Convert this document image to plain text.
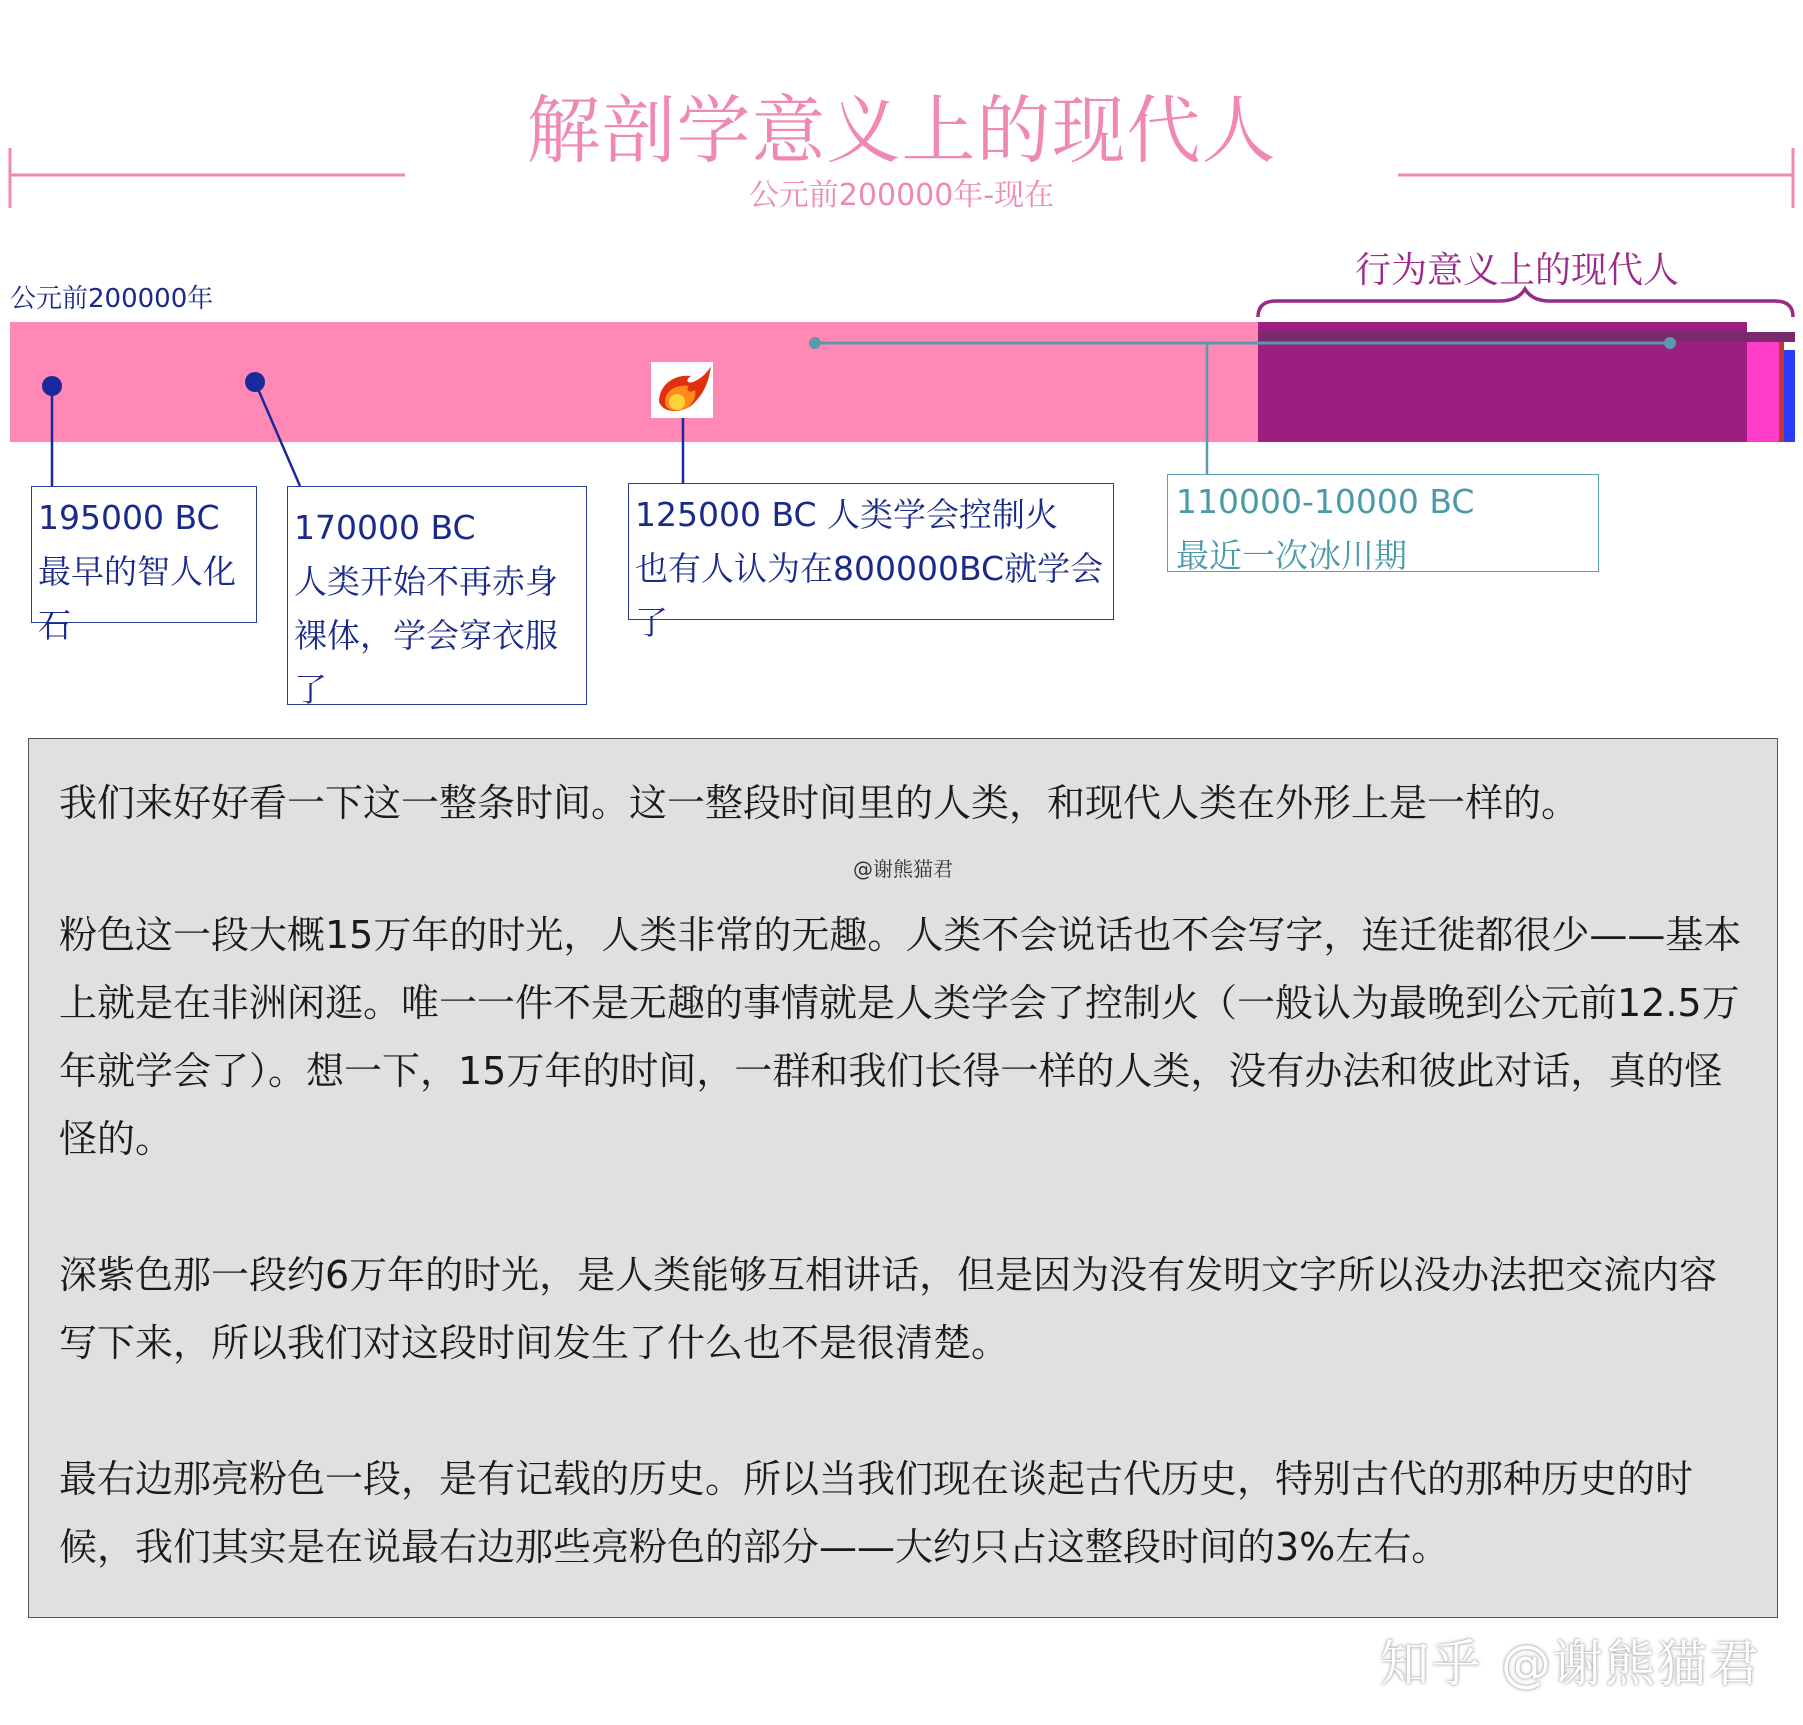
解剖学意义上的现代人
公元前200000年-现在
公元前200000年
行为意义上的现代人
195000 BC
最早的智人化石
170000 BC
人类开始不再赤身裸体，学会穿衣服了
125000 BC 人类学会控制火
也有人认为在800000BC就学会了
110000-10000 BC
最近一次冰川期

我们来好好看一下这一整条时间。这一整段时间里的人类，和现代人类在外形上是一样的。

@谢熊猫君

粉色这一段大概15万年的时光，人类非常的无趣。人类不会说话也不会写字，连迁徙都很少——基本上就是在非洲闲逛。唯一一件不是无趣的事情就是人类学会了控制火（一般认为最晚到公元前12.5万年就学会了）。想一下，15万年的时间，一群和我们长得一样的人类，没有办法和彼此对话，真的怪怪的。

深紫色那一段约6万年的时光，是人类能够互相讲话，但是因为没有发明文字所以没办法把交流内容写下来，所以我们对这段时间发生了什么也不是很清楚。

最右边那亮粉色一段，是有记载的历史。所以当我们现在谈起古代历史，特别古代的那种历史的时候，我们其实是在说最右边那些亮粉色的部分——大约只占这整段时间的3%左右。

知乎 @谢熊猫君
